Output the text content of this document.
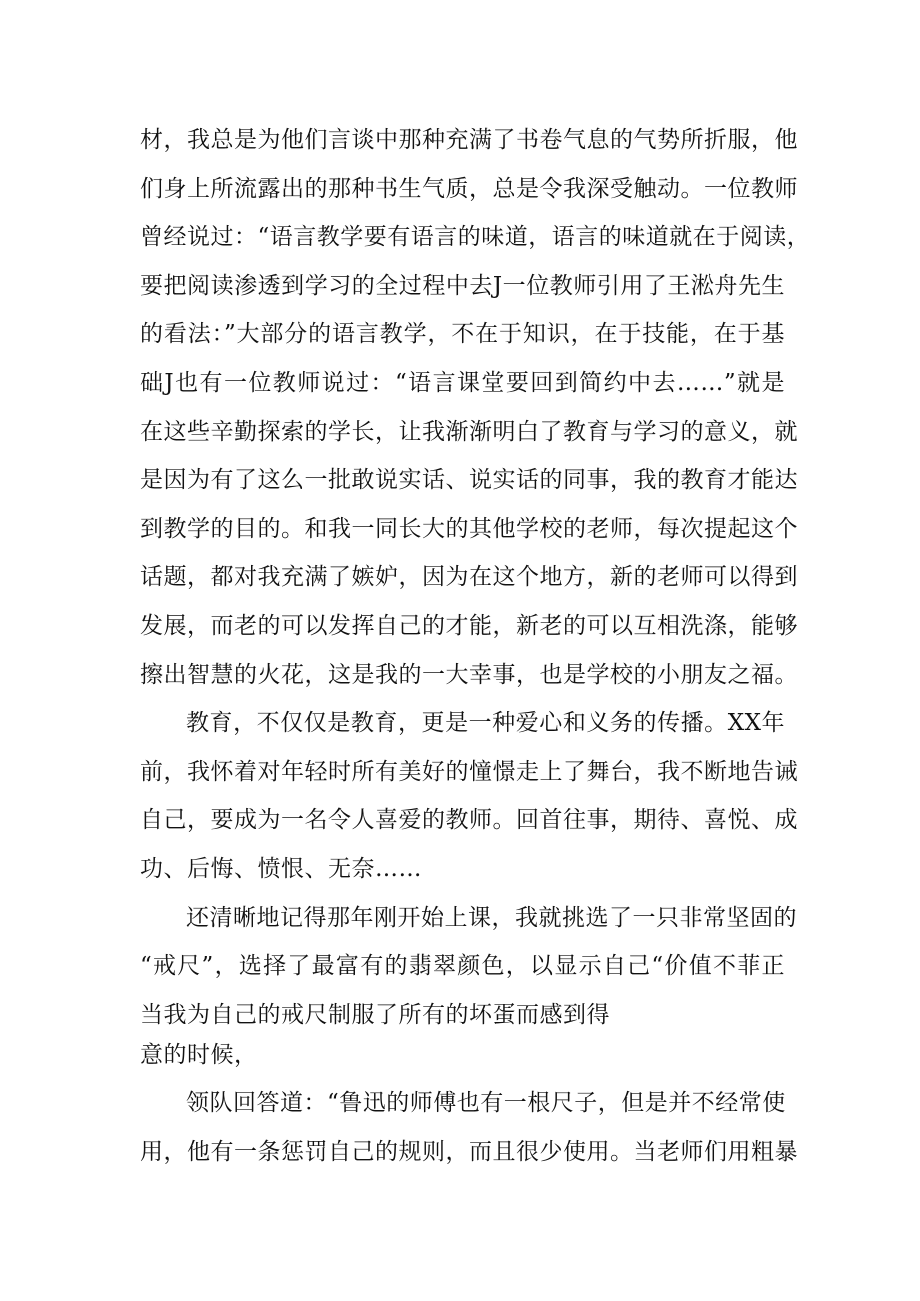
材，我总是为他们言谈中那种充满了书卷气息的气势所折服，他
们身上所流露出的那种书生气质，总是令我深受触动。一位教师
曾经说过：“语言教学要有语言的味道，语言的味道就在于阅读，
要把阅读渗透到学习的全过程中去J一位教师引用了王淞舟先生
的看法：”大部分的语言教学，不在于知识，在于技能，在于基
础J也有一位教师说过：“语言课堂要回到简约中去……”就是
在这些辛勤探索的学长，让我渐渐明白了教育与学习的意义，就
是因为有了这么一批敢说实话、说实话的同事，我的教育才能达
到教学的目的。和我一同长大的其他学校的老师，每次提起这个
话题，都对我充满了嫉妒，因为在这个地方，新的老师可以得到
发展，而老的可以发挥自己的才能，新老的可以互相洗涤，能够
擦出智慧的火花，这是我的一大幸事，也是学校的小朋友之福。
教育，不仅仅是教育，更是一种爱心和义务的传播。XX年
前，我怀着对年轻时所有美好的憧憬走上了舞台，我不断地告诫
自己，要成为一名令人喜爱的教师。回首往事，期待、喜悦、成
功、后悔、愤恨、无奈……
还清晰地记得那年刚开始上课，我就挑选了一只非常坚固的
“戒尺”，选择了最富有的翡翠颜色，以显示自己“价值不菲正
当我为自己的戒尺制服了所有的坏蛋而感到得
意的时候，
领队回答道：“鲁迅的师傅也有一根尺子，但是并不经常使
用，他有一条惩罚自己的规则，而且很少使用。当老师们用粗暴
